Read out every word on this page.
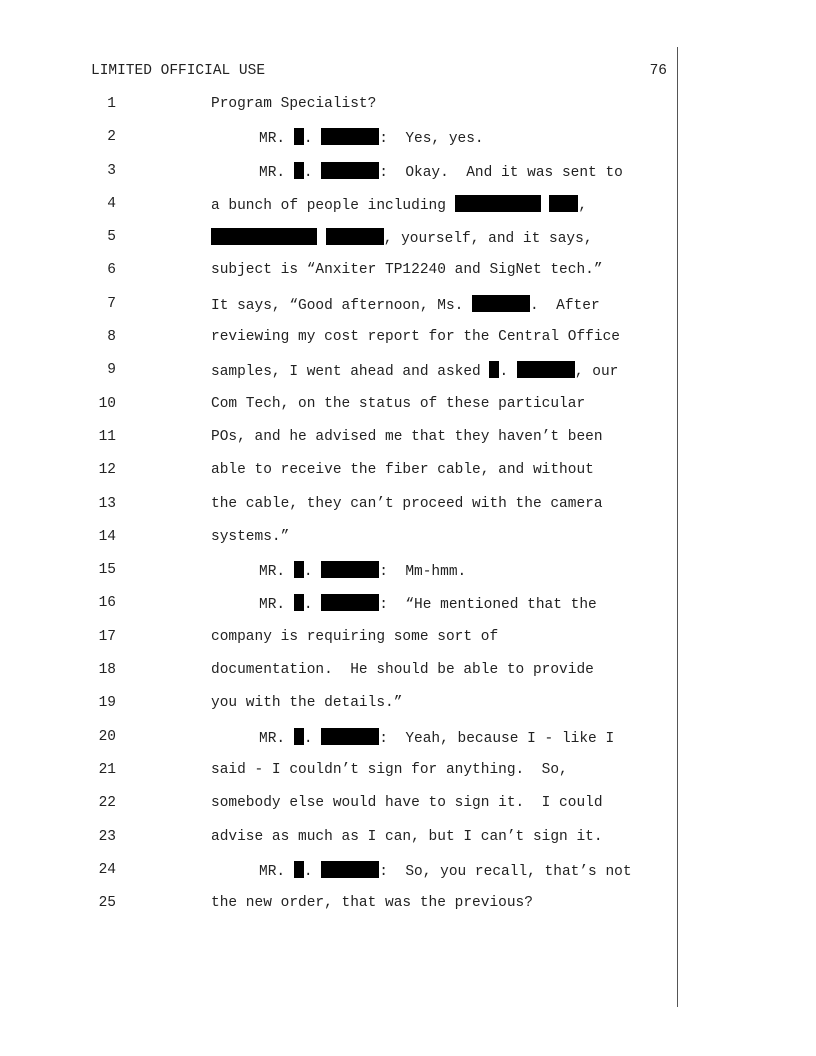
LIMITED OFFICIAL USE	76
1	Program Specialist?
2	MR. .	:  Yes, yes.
3	MR. .	:  Okay.  And it was sent to
4	a bunch of people including	,
5	, yourself, and it says,
6	subject is “Anxiter TP12240 and SigNet tech.”
7	It says, “Good afternoon, Ms.	.  After
8	reviewing my cost report for the Central Office
9	samples, I went ahead and asked .	, our
10	Com Tech, on the status of these particular
11	POs, and he advised me that they haven’t been
12	able to receive the fiber cable, and without
13	the cable, they can’t proceed with the camera
14	systems.”
15	MR. .	:  Mm-hmm.
16	MR. .	:  “He mentioned that the
17	company is requiring some sort of
18	documentation.  He should be able to provide
19	you with the details.”
20	MR. .	:  Yeah, because I - like I
21	said - I couldn’t sign for anything.  So,
22	somebody else would have to sign it.  I could
23	advise as much as I can, but I can’t sign it.
24	MR. .	:  So, you recall, that’s not
25	the new order, that was the previous?
